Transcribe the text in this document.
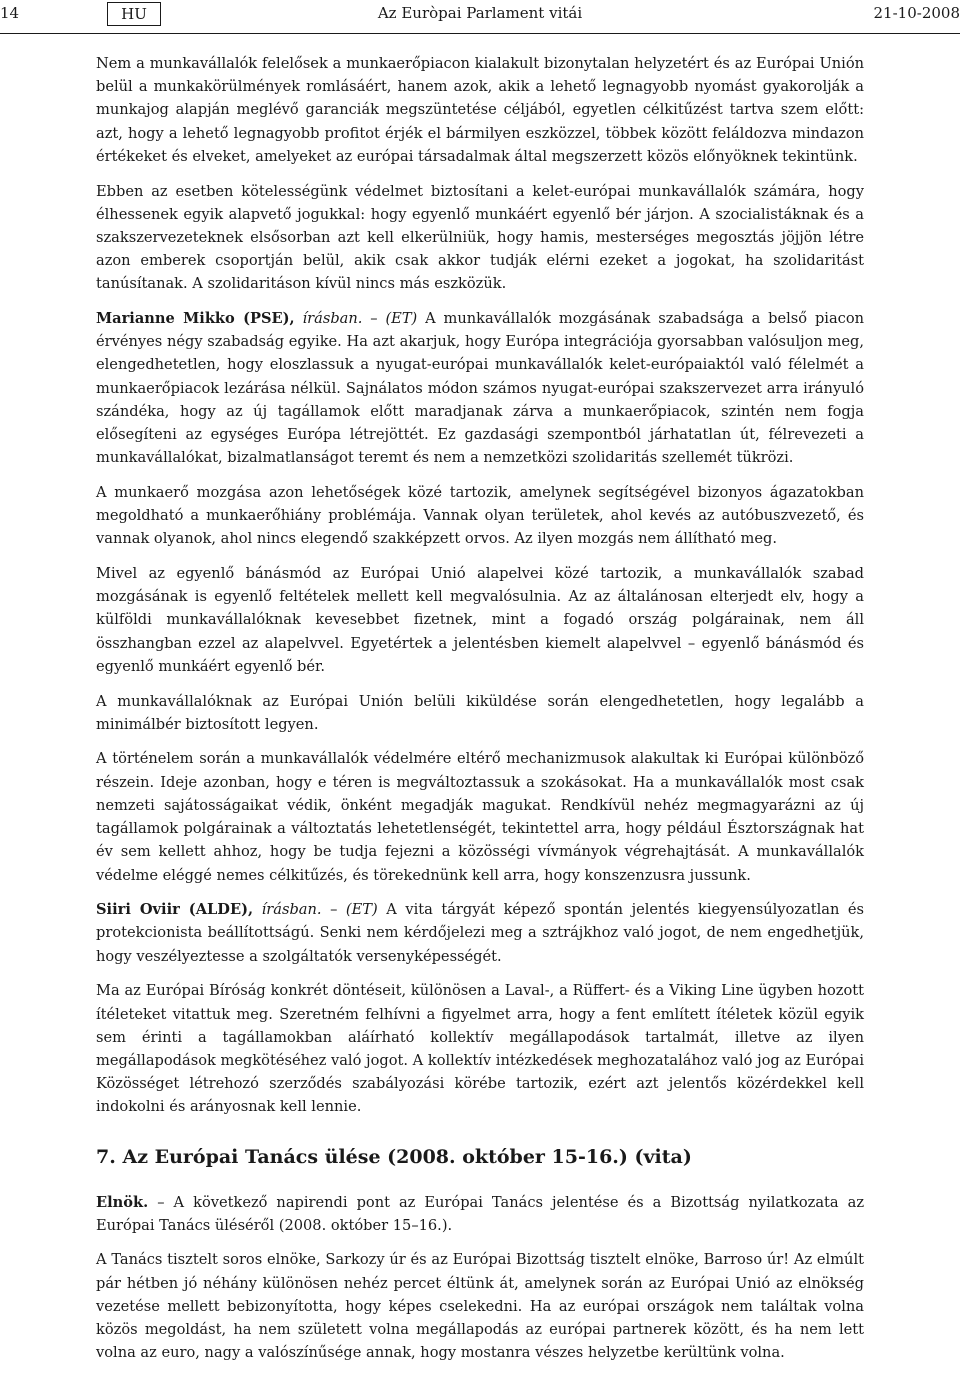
14	HU	Az Euròpai Parlament vitái	21-10-2008

Nem a munkavállalók felelősek a munkaerőpiacon kialakult bizonytalan helyzetért és az Európai Unión belül a munkakörülmények romlásáért, hanem azok, akik a lehető legnagyobb nyomást gyakorolják a munkajog alapján meglévő garanciák megszüntetése céljából, egyetlen célkitűzést tartva szem előtt: azt, hogy a lehető legnagyobb profitot érjék el bármilyen eszközzel, többek között feláldozva mindazon értékeket és elveket, amelyeket az európai társadalmak által megszerzett közös előnyöknek tekintünk.

Ebben az esetben kötelességünk védelmet biztosítani a kelet-európai munkavállalók számára, hogy élhessenek egyik alapvető jogukkal: hogy egyenlő munkáért egyenlő bér járjon. A szocialistáknak és a szakszervezeteknek elsősorban azt kell elkerülniük, hogy hamis, mesterséges megosztás jöjjön létre azon emberek csoportján belül, akik csak akkor tudják elérni ezeket a jogokat, ha szolidaritást tanúsítanak. A szolidaritáson kívül nincs más eszközük.

Marianne Mikko (PSE), írásban. – (ET) A munkavállalók mozgásának szabadsága a belső piacon érvényes négy szabadság egyike. Ha azt akarjuk, hogy Európa integrációja gyorsabban valósuljon meg, elengedhetetlen, hogy eloszlassuk a nyugat-európai munkavállalók kelet-európaiaktól való félelmét a munkaerőpiacok lezárása nélkül. Sajnálatos módon számos nyugat-európai szakszervezet arra irányuló szándéka, hogy az új tagállamok előtt maradjanak zárva a munkaerőpiacok, szintén nem fogja elősegíteni az egységes Európa létrejöttét. Ez gazdasági szempontból járhatatlan út, félrevezeti a munkavállalókat, bizalmatlanságot teremt és nem a nemzetközi szolidaritás szellemét tükrözi.

A munkaerő mozgása azon lehetőségek közé tartozik, amelynek segítségével bizonyos ágazatokban megoldható a munkaerőhiány problémája. Vannak olyan területek, ahol kevés az autóbuszvezető, és vannak olyanok, ahol nincs elegendő szakképzett orvos. Az ilyen mozgás nem állítható meg.

Mivel az egyenlő bánásmód az Európai Unió alapelvei közé tartozik, a munkavállalók szabad mozgásának is egyenlő feltételek mellett kell megvalósulnia. Az az általánosan elterjedt elv, hogy a külföldi munkavállalóknak kevesebbet fizetnek, mint a fogadó ország polgárainak, nem áll összhangban ezzel az alapelvvel. Egyetértek a jelentésben kiemelt alapelvvel – egyenlő bánásmód és egyenlő munkáért egyenlő bér.

A munkavállalóknak az Európai Unión belüli kiküldése során elengedhetetlen, hogy legalább a minimálbér biztosított legyen.

A történelem során a munkavállalók védelmére eltérő mechanizmusok alakultak ki Európai különböző részein. Ideje azonban, hogy e téren is megváltoztassuk a szokásokat. Ha a munkavállalók most csak nemzeti sajátosságaikat védik, önként megadják magukat. Rendkívül nehéz megmagyarázni az új tagállamok polgárainak a változtatás lehetetlenségét, tekintettel arra, hogy például Észtországnak hat év sem kellett ahhoz, hogy be tudja fejezni a közösségi vívmányok végrehajtását. A munkavállalók védelme eléggé nemes célkitűzés, és törekednünk kell arra, hogy konszenzusra jussunk.

Siiri Oviir (ALDE), írásban. – (ET) A vita tárgyát képező spontán jelentés kiegyensúlyozatlan és protekcionista beállítottságú. Senki nem kérdőjelezi meg a sztrájkhoz való jogot, de nem engedhetjük, hogy veszélyeztesse a szolgáltatók versenyképességét.

Ma az Európai Bíróság konkrét döntéseit, különösen a Laval-, a Rüffert- és a Viking Line ügyben hozott ítéleteket vitattuk meg. Szeretném felhívni a figyelmet arra, hogy a fent említett ítéletek közül egyik sem érinti a tagállamokban aláírható kollektív megállapodások tartalmát, illetve az ilyen megállapodások megkötéséhez való jogot. A kollektív intézkedések meghozatalához való jog az Európai Közösséget létrehozó szerződés szabályozási körébe tartozik, ezért azt jelentős közérdekkel kell indokolni és arányosnak kell lennie.

7. Az Európai Tanács ülése (2008. október 15-16.) (vita)

Elnök. – A következő napirendi pont az Európai Tanács jelentése és a Bizottság nyilatkozata az Európai Tanács üléséről (2008. október 15–16.).

A Tanács tisztelt soros elnöke, Sarkozy úr és az Európai Bizottság tisztelt elnöke, Barroso úr! Az elmúlt pár hétben jó néhány különösen nehéz percet éltünk át, amelynek során az Európai Unió az elnökség vezetése mellett bebizonyította, hogy képes cselekedni. Ha az európai országok nem találtak volna közös megoldást, ha nem született volna megállapodás az európai partnerek között, és ha nem lett volna az euro, nagy a valószínűsége annak, hogy mostanra vészes helyzetbe kerültünk volna.
